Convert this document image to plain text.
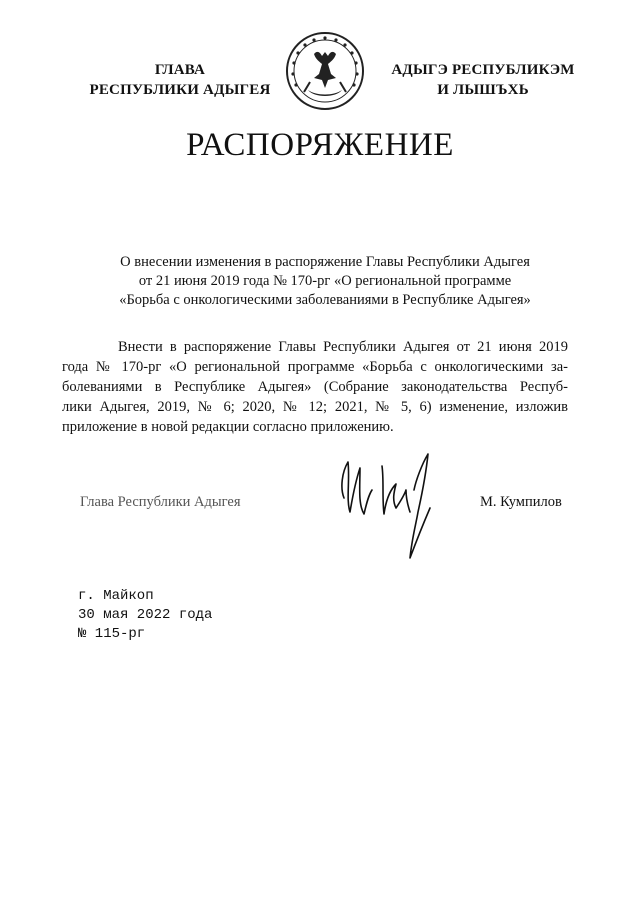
ГЛАВА
РЕСПУБЛИКИ АДЫГЕЯ
АДЫГЭ РЕСПУБЛИКЭМ
И ЛЫШЪХЬ
РАСПОРЯЖЕНИЕ
О внесении изменения в распоряжение Главы Республики Адыгея
от 21 июня 2019 года № 170-рг «О региональной программе
«Борьба с онкологическими заболеваниями в Республике Адыгея»
Внести в распоряжение Главы Республики Адыгея от 21 июня 2019
года № 170-рг «О региональной программе «Борьба с онкологическими за-
болеваниями в Республике Адыгея» (Собрание законодательства Респуб-
лики Адыгея, 2019, № 6; 2020, № 12; 2021, № 5, 6) изменение, изложив
приложение в новой редакции согласно приложению.
Глава Республики Адыгея	М. Кумпилов
г. Майкоп
30 мая 2022 года
№ 115-рг
